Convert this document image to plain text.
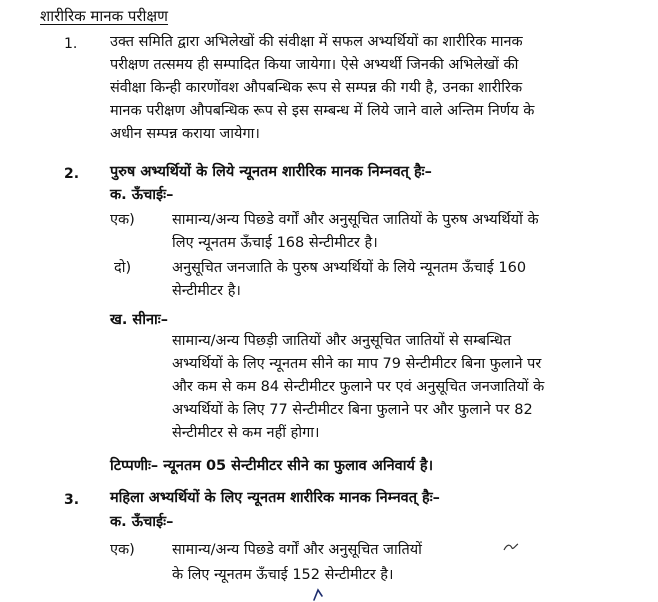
शारीरिक मानक परीक्षण
1. उक्त समिति द्वारा अभिलेखों की संवीक्षा में सफल अभ्यर्थियों का शारीरिक मानक
परीक्षण तत्समय ही सम्पादित किया जायेगा। ऐसे अभ्यर्थी जिनकी अभिलेखों की
संवीक्षा किन्ही कारणोंवश औपबन्धिक रूप से सम्पन्न की गयी है, उनका शारीरिक
मानक परीक्षण औपबन्धिक रूप से इस सम्बन्ध में लिये जाने वाले अन्तिम निर्णय के
अधीन सम्पन्न कराया जायेगा।
2. पुरुष अभ्यर्थियों के लिये न्यूनतम शारीरिक मानक निम्नवत् हैः–
क. ऊँचाईः–
एक)	सामान्य/अन्य पिछडे वर्गों और अनुसूचित जातियों के पुरुष अभ्यर्थियों के
लिए न्यूनतम ऊँचाई 168 सेन्टीमीटर है।
दो)	अनुसूचित जनजाति के पुरुष अभ्यर्थियों के लिये न्यूनतम ऊँचाई 160
सेन्टीमीटर है।
ख. सीनाः–
सामान्य/अन्य पिछड़ी जातियों और अनुसूचित जातियों से सम्बन्धित
अभ्यर्थियों के लिए न्यूनतम सीने का माप 79 सेन्टीमीटर बिना फुलाने पर
और कम से कम 84 सेन्टीमीटर फुलाने पर एवं अनुसूचित जनजातियों के
अभ्यर्थियों के लिए 77 सेन्टीमीटर बिना फुलाने पर और फुलाने पर 82
सेन्टीमीटर से कम नहीं होगा।
टिप्पणीः– न्यूनतम 05 सेन्टीमीटर सीने का फुलाव अनिवार्य है।
3. महिला अभ्यर्थियों के लिए न्यूनतम शारीरिक मानक निम्नवत् हैः–
क. ऊँचाईः–
एक)	सामान्य/अन्य पिछडे वर्गों और अनुसूचित जातियों
के लिए न्यूनतम ऊँचाई 152 सेन्टीमीटर है।
